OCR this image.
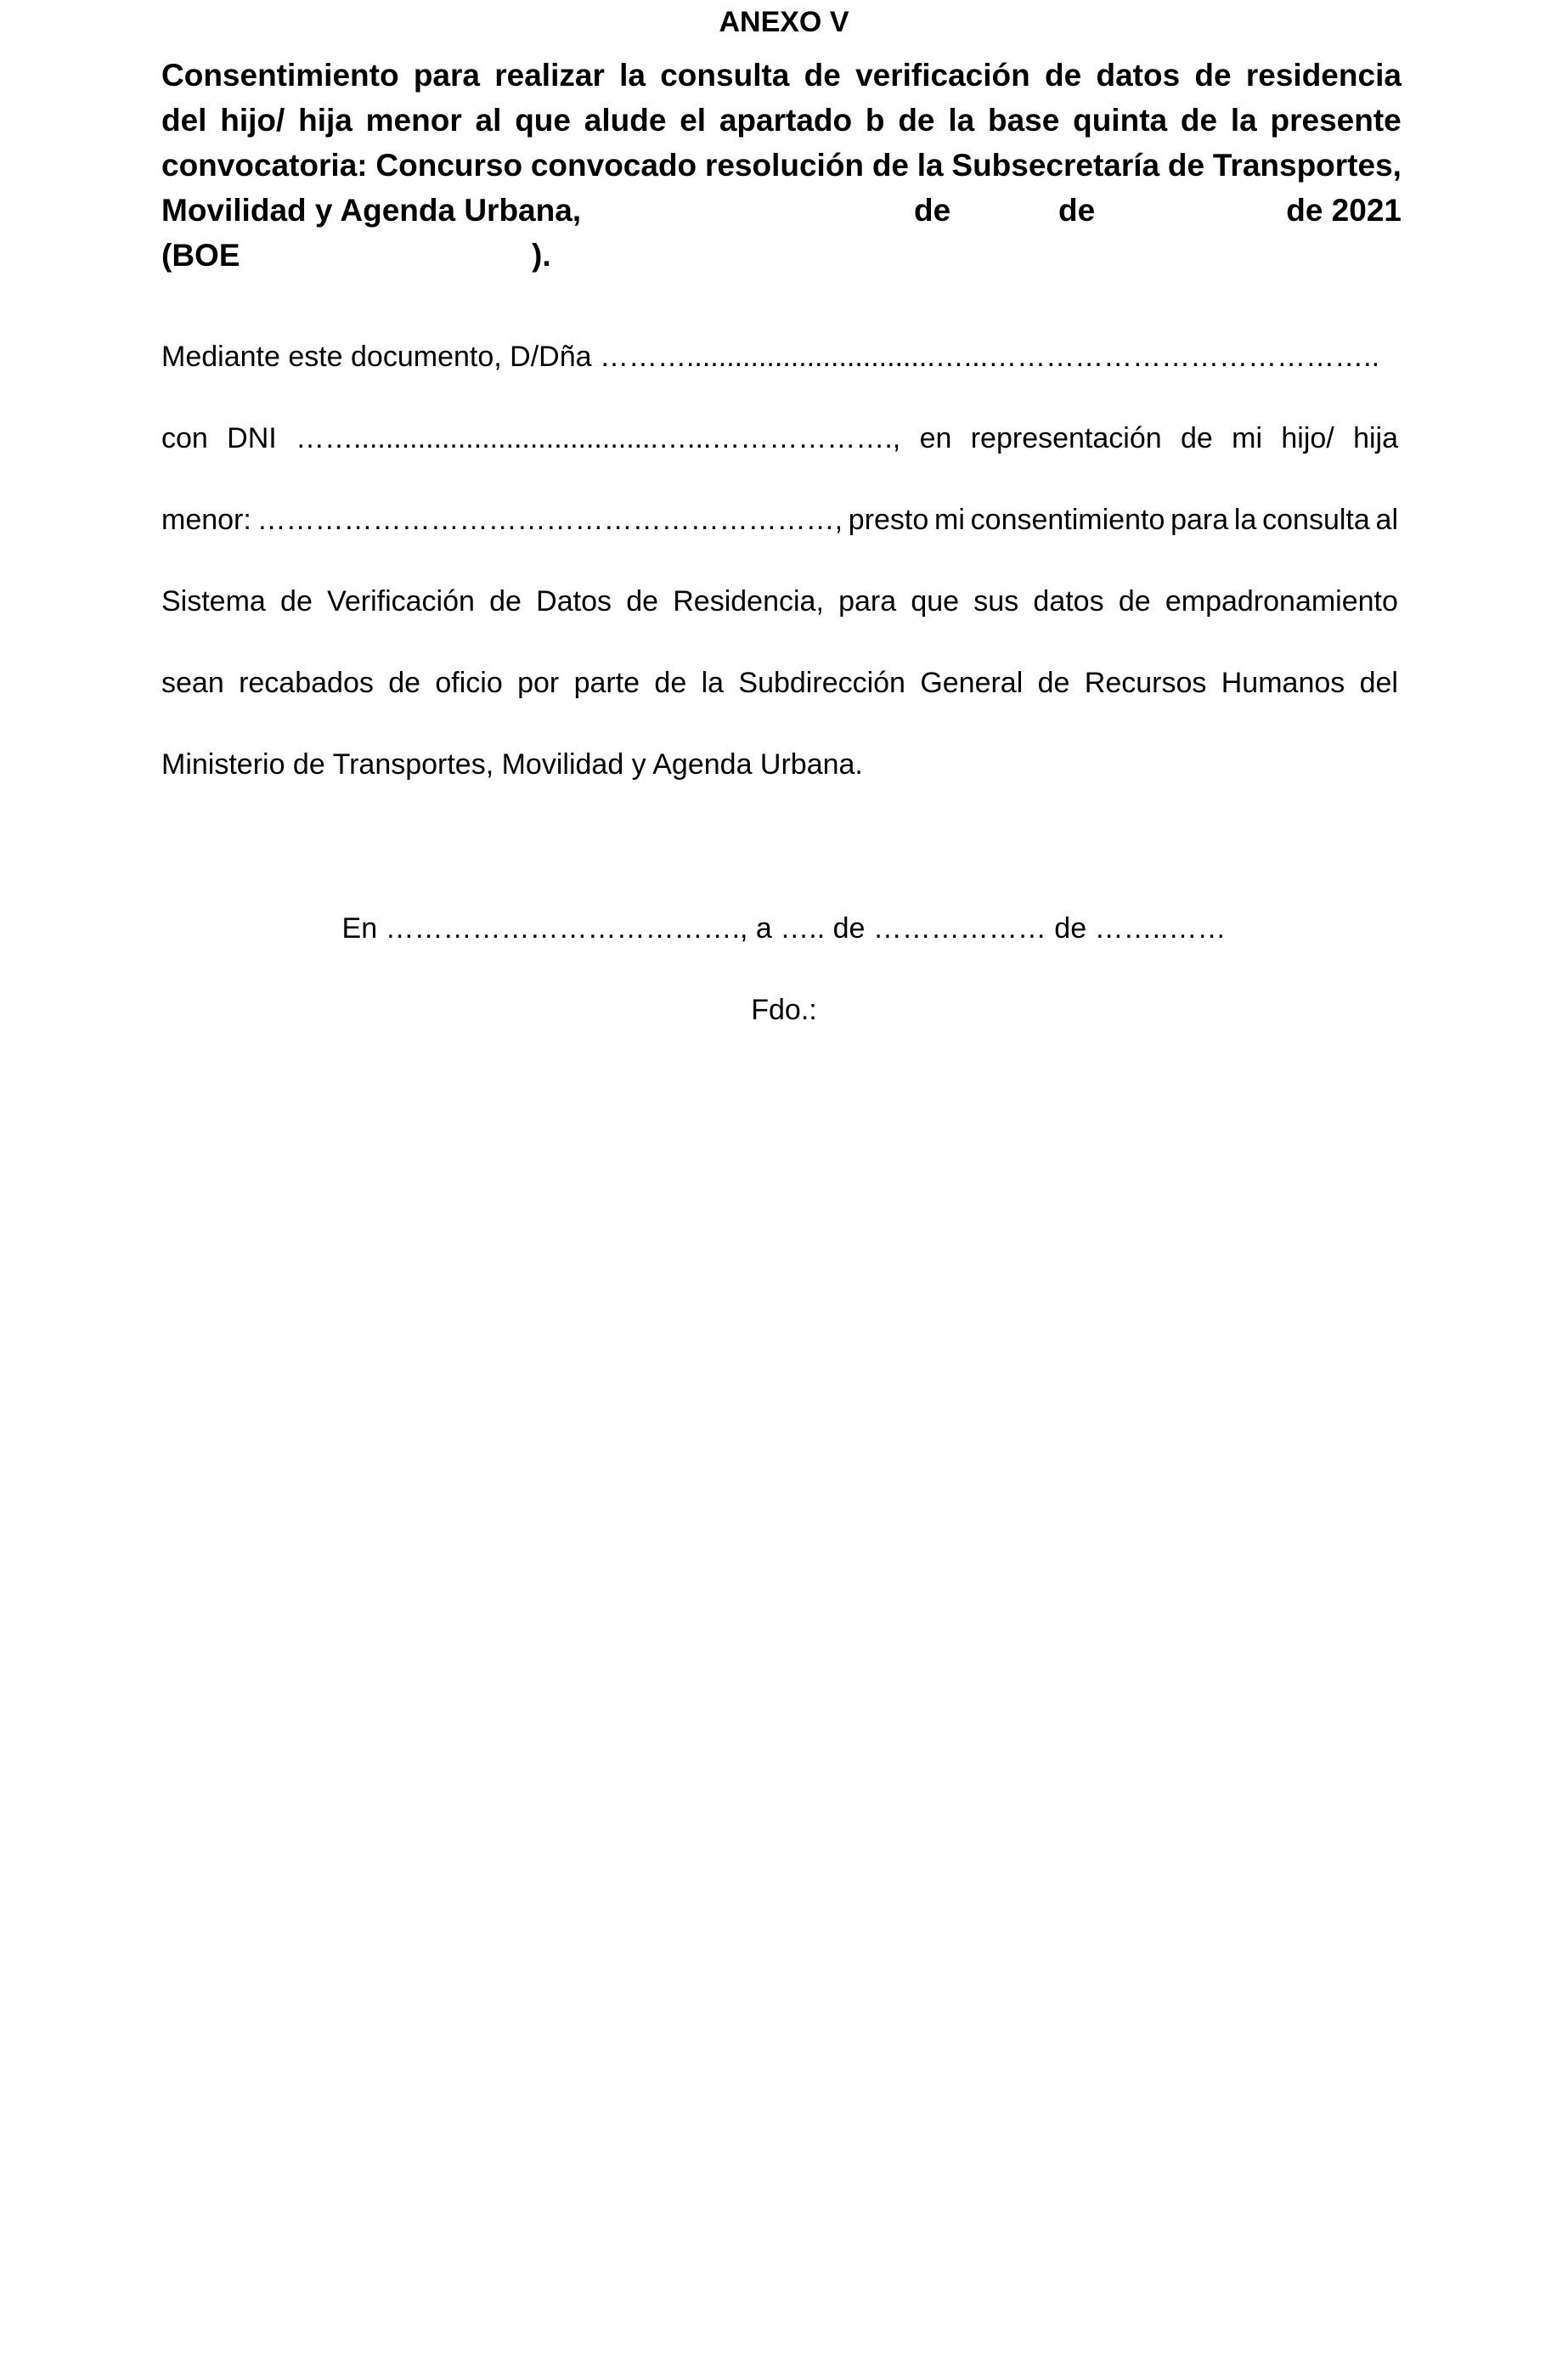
ANEXO V
Consentimiento para realizar la consulta de verificación de datos de residencia
del hijo/ hija menor al que alude el apartado b de la base quinta de la presente
convocatoria: Concurso convocado resolución de la Subsecretaría de Transportes,
Movilidad y Agenda Urbana,	de	de	de 2021
(BOE	).
Mediante este documento, D/Dña ………...............................…...…………………………………..
con DNI ……......................................…...………………., en representación de mi hijo/ hija
menor: ……………………………………………………, presto mi consentimiento para la consulta al
Sistema de Verificación de Datos de Residencia, para que sus datos de empadronamiento
sean recabados de oficio por parte de la Subdirección General de Recursos Humanos del
Ministerio de Transportes, Movilidad y Agenda Urbana.
En ………………………………., a ….. de ……………… de ……..……
Fdo.:
